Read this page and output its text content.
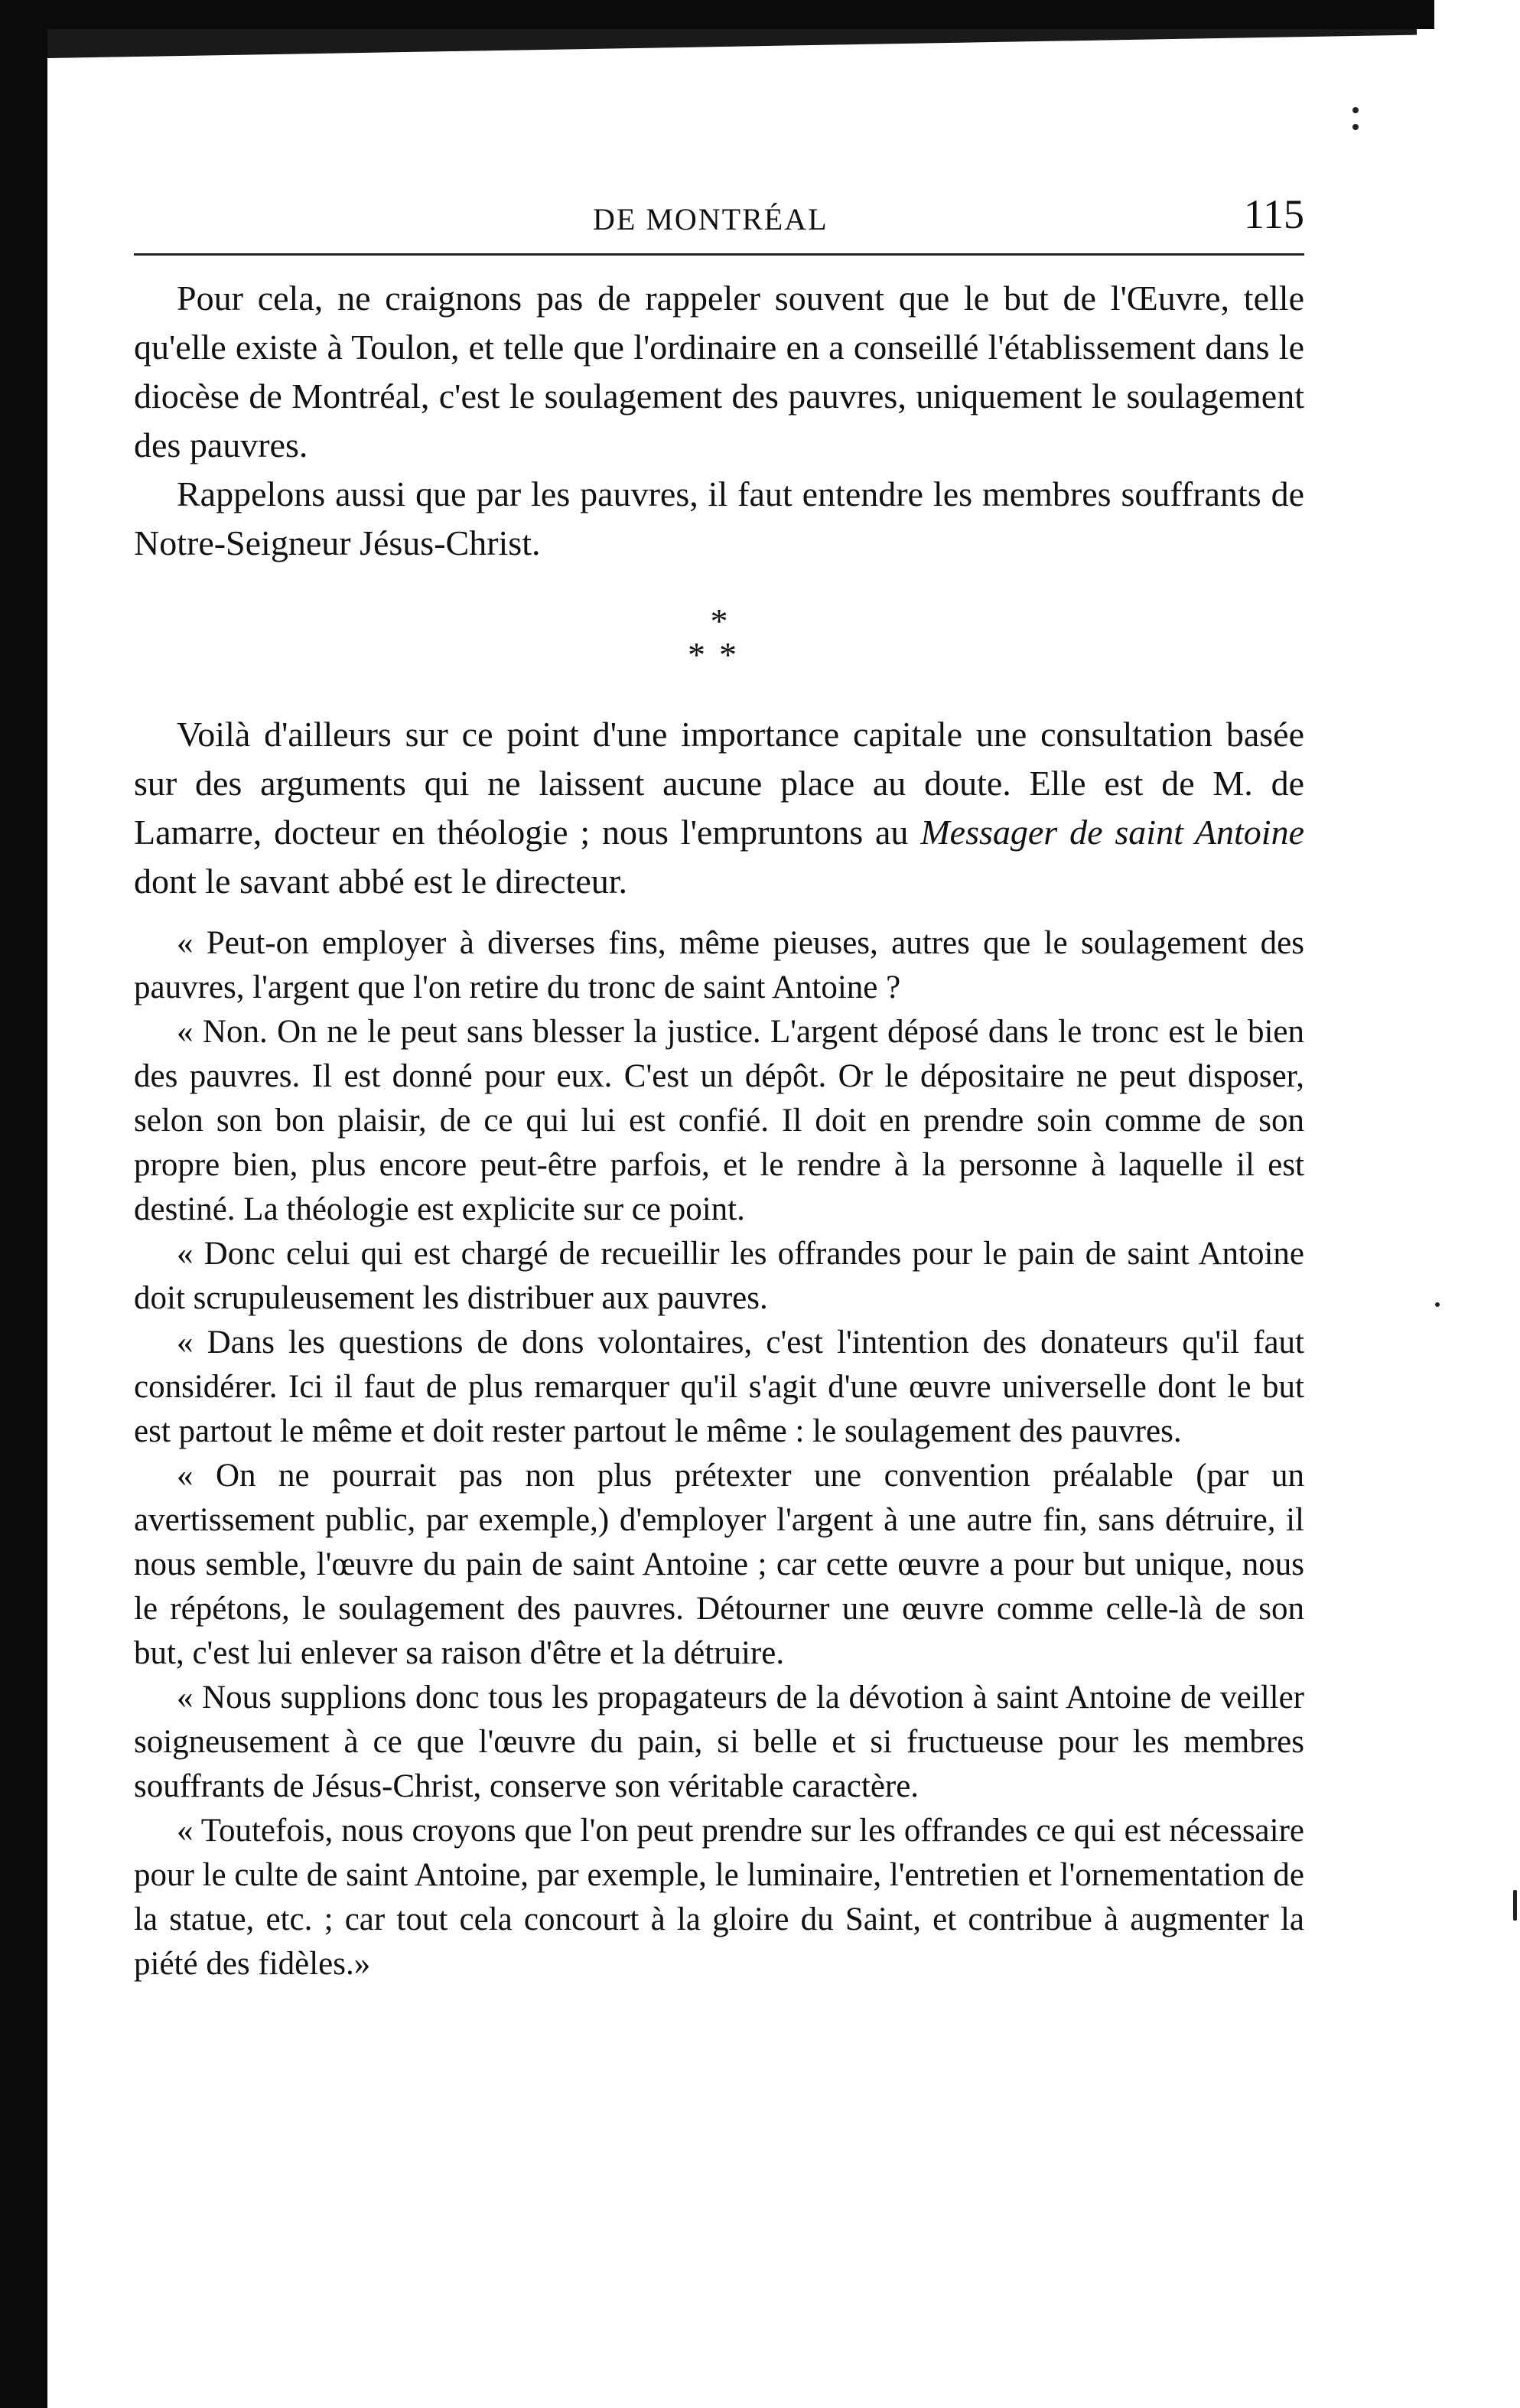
DE MONTRÉAL	115

Pour cela, ne craignons pas de rappeler souvent que le but de l'Œuvre, telle qu'elle existe à Toulon, et telle que l'ordinaire en a conseillé l'établissement dans le diocèse de Montréal, c'est le soulagement des pauvres, uniquement le soulagement des pauvres.

Rappelons aussi que par les pauvres, il faut entendre les membres souffrants de Notre-Seigneur Jésus-Christ.

*
**

Voilà d'ailleurs sur ce point d'une importance capitale une consultation basée sur des arguments qui ne laissent aucune place au doute. Elle est de M. de Lamarre, docteur en théologie ; nous l'empruntons au Messager de saint Antoine dont le savant abbé est le directeur.

« Peut-on employer à diverses fins, même pieuses, autres que le soulagement des pauvres, l'argent que l'on retire du tronc de saint Antoine ?

« Non. On ne le peut sans blesser la justice. L'argent déposé dans le tronc est le bien des pauvres. Il est donné pour eux. C'est un dépôt. Or le dépositaire ne peut disposer, selon son bon plaisir, de ce qui lui est confié. Il doit en prendre soin comme de son propre bien, plus encore peut-être parfois, et le rendre à la personne à laquelle il est destiné. La théologie est explicite sur ce point.

« Donc celui qui est chargé de recueillir les offrandes pour le pain de saint Antoine doit scrupuleusement les distribuer aux pauvres.

« Dans les questions de dons volontaires, c'est l'intention des donateurs qu'il faut considérer. Ici il faut de plus remarquer qu'il s'agit d'une œuvre universelle dont le but est partout le même et doit rester partout le même : le soulagement des pauvres.

« On ne pourrait pas non plus prétexter une convention préalable (par un avertissement public, par exemple,) d'employer l'argent à une autre fin, sans détruire, il nous semble, l'œuvre du pain de saint Antoine ; car cette œuvre a pour but unique, nous le répétons, le soulagement des pauvres. Détourner une œuvre comme celle-là de son but, c'est lui enlever sa raison d'être et la détruire.

« Nous supplions donc tous les propagateurs de la dévotion à saint Antoine de veiller soigneusement à ce que l'œuvre du pain, si belle et si fructueuse pour les membres souffrants de Jésus-Christ, conserve son véritable caractère.

« Toutefois, nous croyons que l'on peut prendre sur les offrandes ce qui est nécessaire pour le culte de saint Antoine, par exemple, le luminaire, l'entretien et l'ornementation de la statue, etc. ; car tout cela concourt à la gloire du Saint, et contribue à augmenter la piété des fidèles.»
